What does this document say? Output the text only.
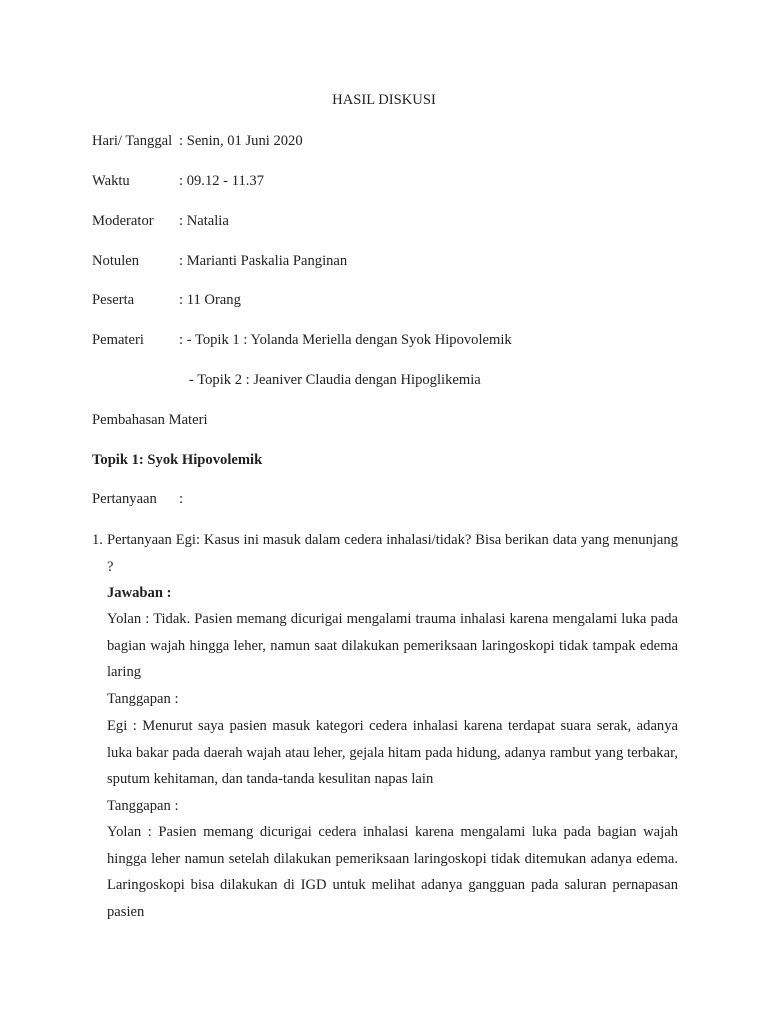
HASIL DISKUSI
Hari/ Tanggal : Senin, 01 Juni 2020
Waktu	: 09.12 - 11.37
Moderator : Natalia
Notulen	: Marianti Paskalia Panginan
Peserta	: 11 Orang
Pemateri : - Topik 1 : Yolanda Meriella dengan Syok Hipovolemik
- Topik 2 : Jeaniver Claudia dengan Hipoglikemia
Pembahasan Materi
Topik 1: Syok Hipovolemik
Pertanyaan :
1. Pertanyaan Egi: Kasus ini masuk dalam cedera inhalasi/tidak? Bisa berikan data yang menunjang ?
Jawaban :
Yolan : Tidak. Pasien memang dicurigai mengalami trauma inhalasi karena mengalami luka pada bagian wajah hingga leher, namun saat dilakukan pemeriksaan laringoskopi tidak tampak edema laring
Tanggapan :
Egi : Menurut saya pasien masuk kategori cedera inhalasi karena terdapat suara serak, adanya luka bakar pada daerah wajah atau leher, gejala hitam pada hidung, adanya rambut yang terbakar, sputum kehitaman, dan tanda-tanda kesulitan napas lain
Tanggapan :
Yolan : Pasien memang dicurigai cedera inhalasi karena mengalami luka pada bagian wajah hingga leher namun setelah dilakukan pemeriksaan laringoskopi tidak ditemukan adanya edema. Laringoskopi bisa dilakukan di IGD untuk melihat adanya gangguan pada saluran pernapasan pasien
